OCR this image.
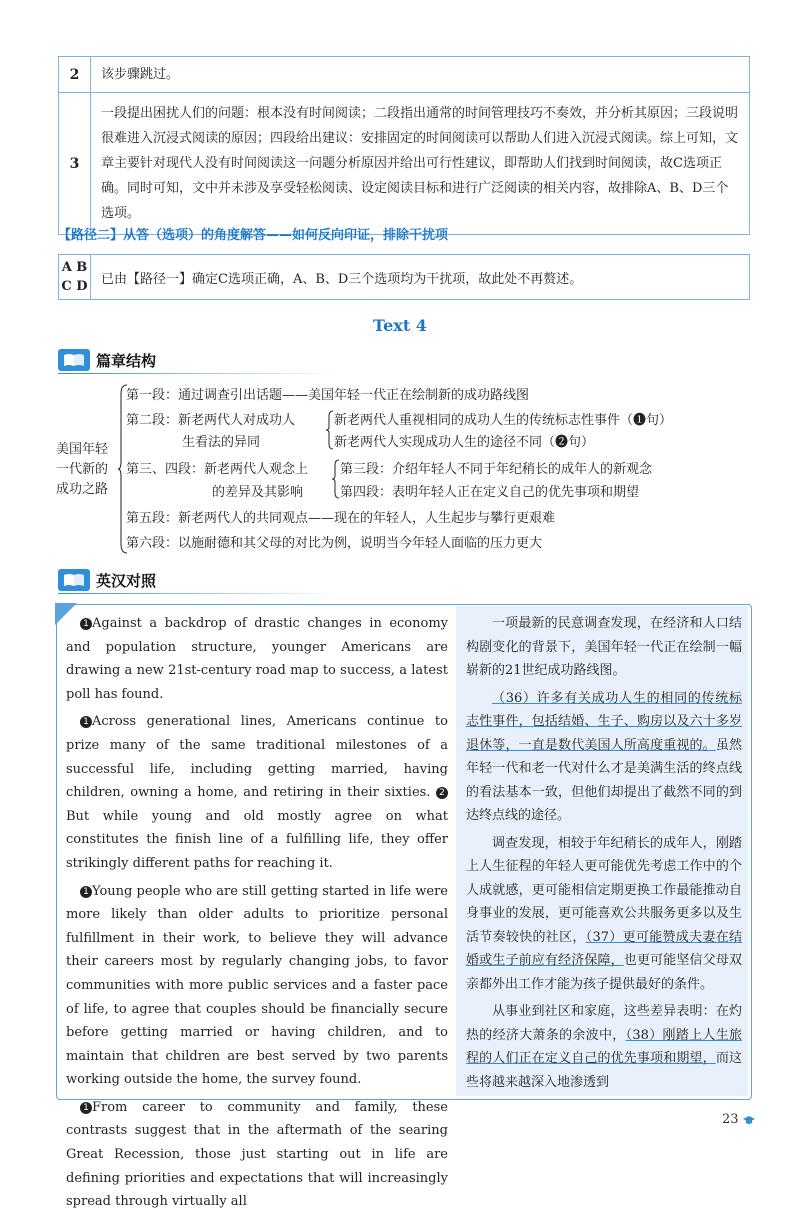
2	该步骤跳过。
3
一段提出困扰人们的问题：根本没有时间阅读；二段指出通常的时间管理技巧不奏效，并分析其原因；三段说明很难进入沉浸式阅读的原因；四段给出建议：安排固定的时间阅读可以帮助人们进入沉浸式阅读。综上可知，文章主要针对现代人没有时间阅读这一问题分析原因并给出可行性建议，即帮助人们找到时间阅读，故C选项正确。同时可知，文中并未涉及享受轻松阅读、设定阅读目标和进行广泛阅读的相关内容，故排除A、B、D三个选项。
【路径二】从答（选项）的角度解答——如何反向印证，排除干扰项
A B
C D	已由【路径一】确定C选项正确，A、B、D三个选项均为干扰项，故此处不再赘述。
Text 4
篇章结构
美国年轻一代新的成功之路
第一段：通过调查引出话题——美国年轻一代正在绘制新的成功路线图
第二段：新老两代人对成功人
生看法的异同
新老两代人重视相同的成功人生的传统标志性事件（❶句）
新老两代人实现成功人生的途径不同（❷句）
第三、四段：新老两代人观念上
的差异及其影响
第三段：介绍年轻人不同于年纪稍长的成年人的新观念
第四段：表明年轻人正在定义自己的优先事项和期望
第五段：新老两代人的共同观点——现在的年轻人，人生起步与攀行更艰难
第六段：以施耐德和其父母的对比为例，说明当今年轻人面临的压力更大
英汉对照

1 Against a backdrop of drastic changes in economy and population structure, younger Americans are drawing a new 21st-century road map to success, a latest poll has found.

1 Across generational lines, Americans continue to prize many of the same traditional milestones of a successful life, including getting married, having children, owning a home, and retiring in their sixties. 2But while young and old mostly agree on what constitutes the finish line of a fulfilling life, they offer strikingly different paths for reaching it.

1 Young people who are still getting started in life were more likely than older adults to prioritize personal fulfillment in their work, to believe they will advance their careers most by regularly changing jobs, to favor communities with more public services and a faster pace of life, to agree that couples should be financially secure before getting married or having children, and to maintain that children are best served by two parents working outside the home, the survey found.

1 From career to community and family, these contrasts suggest that in the aftermath of the searing Great Recession, those just starting out in life are defining priorities and expectations that will increasingly spread through virtually all

一项最新的民意调查发现，在经济和人口结构剧变化的背景下，美国年轻一代正在绘制一幅崭新的21世纪成功路线图。

（36）许多有关成功人生的相同的传统标志性事件，包括结婚、生子、购房以及六十多岁退休等，一直是数代美国人所高度重视的。虽然年轻一代和老一代对什么才是美满生活的终点线的看法基本一致，但他们却提出了截然不同的到达终点线的途径。

调查发现，相较于年纪稍长的成年人，刚踏上人生征程的年轻人更可能优先考虑工作中的个人成就感，更可能相信定期更换工作最能推动自身事业的发展，更可能喜欢公共服务更多以及生活节奏较快的社区，（37）更可能赞成夫妻在结婚或生子前应有经济保障，也更可能坚信父母双亲都外出工作才能为孩子提供最好的条件。

从事业到社区和家庭，这些差异表明：在灼热的经济大萧条的余波中，（38）刚踏上人生旅程的人们正在定义自己的优先事项和期望，而这些将越来越深入地渗透到

23
